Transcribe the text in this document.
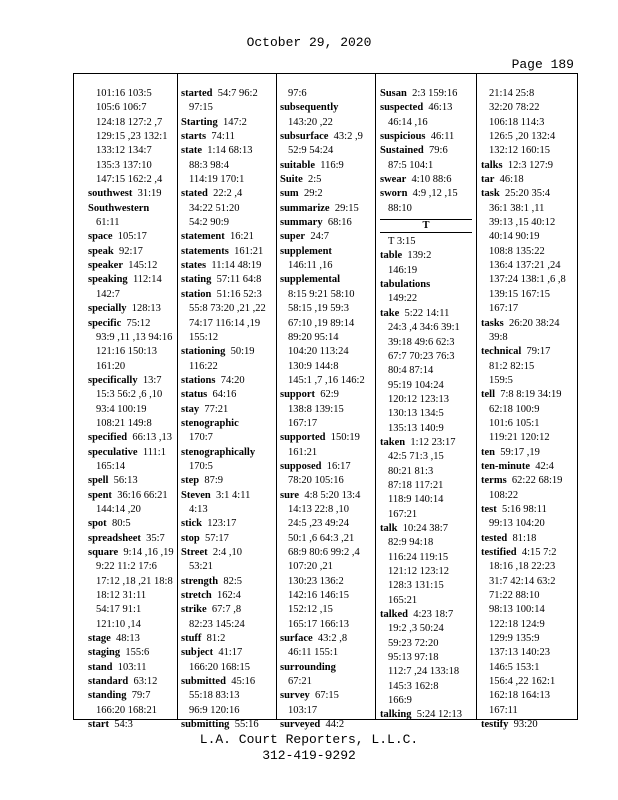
October 29, 2020
Page 189
101:16 103:5
105:6 106:7
124:18 127:2 ,7
129:15 ,23 132:1
133:12 134:7
135:3 137:10
147:15 162:2 ,4
southwest 31:19
Southwestern
61:11
space 105:17
speak 92:17
speaker 145:12
speaking 112:14
142:7
specially 128:13
specific 75:12
93:9 ,11 ,13 94:16
121:16 150:13
161:20
specifically 13:7
15:3 56:2 ,6 ,10
93:4 100:19
108:21 149:8
specified 66:13 ,13
speculative 111:1
165:14
spell 56:13
spent 36:16 66:21
144:14 ,20
spot 80:5
spreadsheet 35:7
square 9:14 ,16 ,19
9:22 11:2 17:6
17:12 ,18 ,21 18:8
18:12 31:11
54:17 91:1
121:10 ,14
stage 48:13
staging 155:6
stand 103:11
standard 63:12
standing 79:7
166:20 168:21
start 54:3
started 54:7 96:2
97:15
Starting 147:2
starts 74:11
state 1:14 68:13
88:3 98:4
114:19 170:1
stated 22:2 ,4
34:22 51:20
54:2 90:9
statement 16:21
statements 161:21
states 11:14 48:19
stating 57:11 64:8
station 51:16 52:3
55:8 73:20 ,21 ,22
74:17 116:14 ,19
155:12
stationing 50:19
116:22
stations 74:20
status 64:16
stay 77:21
stenographic
170:7
stenographically
170:5
step 87:9
Steven 3:1 4:11
4:13
stick 123:17
stop 57:17
Street 2:4 ,10
53:21
strength 82:5
stretch 162:4
strike 67:7 ,8
82:23 145:24
stuff 81:2
subject 41:17
166:20 168:15
submitted 45:16
55:18 83:13
96:9 120:16
submitting 55:16
97:6
subsequently
143:20 ,22
subsurface 43:2 ,9
52:9 54:24
suitable 116:9
Suite 2:5
sum 29:2
summarize 29:15
summary 68:16
super 24:7
supplement
146:11 ,16
supplemental
8:15 9:21 58:10
58:15 ,19 59:3
67:10 ,19 89:14
89:20 95:14
104:20 113:24
130:9 144:8
145:1 ,7 ,16 146:2
support 62:9
138:8 139:15
167:17
supported 150:19
161:21
supposed 16:17
78:20 105:16
sure 4:8 5:20 13:4
14:13 22:8 ,10
24:5 ,23 49:24
50:1 ,6 64:3 ,21
68:9 80:6 99:2 ,4
107:20 ,21
130:23 136:2
142:16 146:15
152:12 ,15
165:17 166:13
surface 43:2 ,8
46:11 155:1
surrounding
67:21
survey 67:15
103:17
surveyed 44:2
Susan 2:3 159:16
suspected 46:13
46:14 ,16
suspicious 46:11
Sustained 79:6
87:5 104:1
swear 4:10 88:6
sworn 4:9 ,12 ,15
88:10
T
T 3:15
table 139:2
146:19
tabulations
149:22
take 5:22 14:11
24:3 ,4 34:6 39:1
39:18 49:6 62:3
67:7 70:23 76:3
80:4 87:14
95:19 104:24
120:12 123:13
130:13 134:5
135:13 140:9
taken 1:12 23:17
42:5 71:3 ,15
80:21 81:3
87:18 117:21
118:9 140:14
167:21
talk 10:24 38:7
82:9 94:18
116:24 119:15
121:12 123:12
128:3 131:15
165:21
talked 4:23 18:7
19:2 ,3 50:24
59:23 72:20
95:13 97:18
112:7 ,24 133:18
145:3 162:8
166:9
talking 5:24 12:13
21:14 25:8
32:20 78:22
106:18 114:3
126:5 ,20 132:4
132:12 160:15
talks 12:3 127:9
tar 46:18
task 25:20 35:4
36:1 38:1 ,11
39:13 ,15 40:12
40:14 90:19
108:8 135:22
136:4 137:21 ,24
137:24 138:1 ,6 ,8
139:15 167:15
167:17
tasks 26:20 38:24
39:8
technical 79:17
81:2 82:15
159:5
tell 7:8 8:19 34:19
62:18 100:9
101:6 105:1
119:21 120:12
ten 59:17 ,19
ten-minute 42:4
terms 62:22 68:19
108:22
test 5:16 98:11
99:13 104:20
tested 81:18
testified 4:15 7:2
18:16 ,18 22:23
31:7 42:14 63:2
71:22 88:10
98:13 100:14
122:18 124:9
129:9 135:9
137:13 140:23
146:5 153:1
156:4 ,22 162:1
162:18 164:13
167:11
testify 93:20
L.A. Court Reporters, L.L.C.
312-419-9292
